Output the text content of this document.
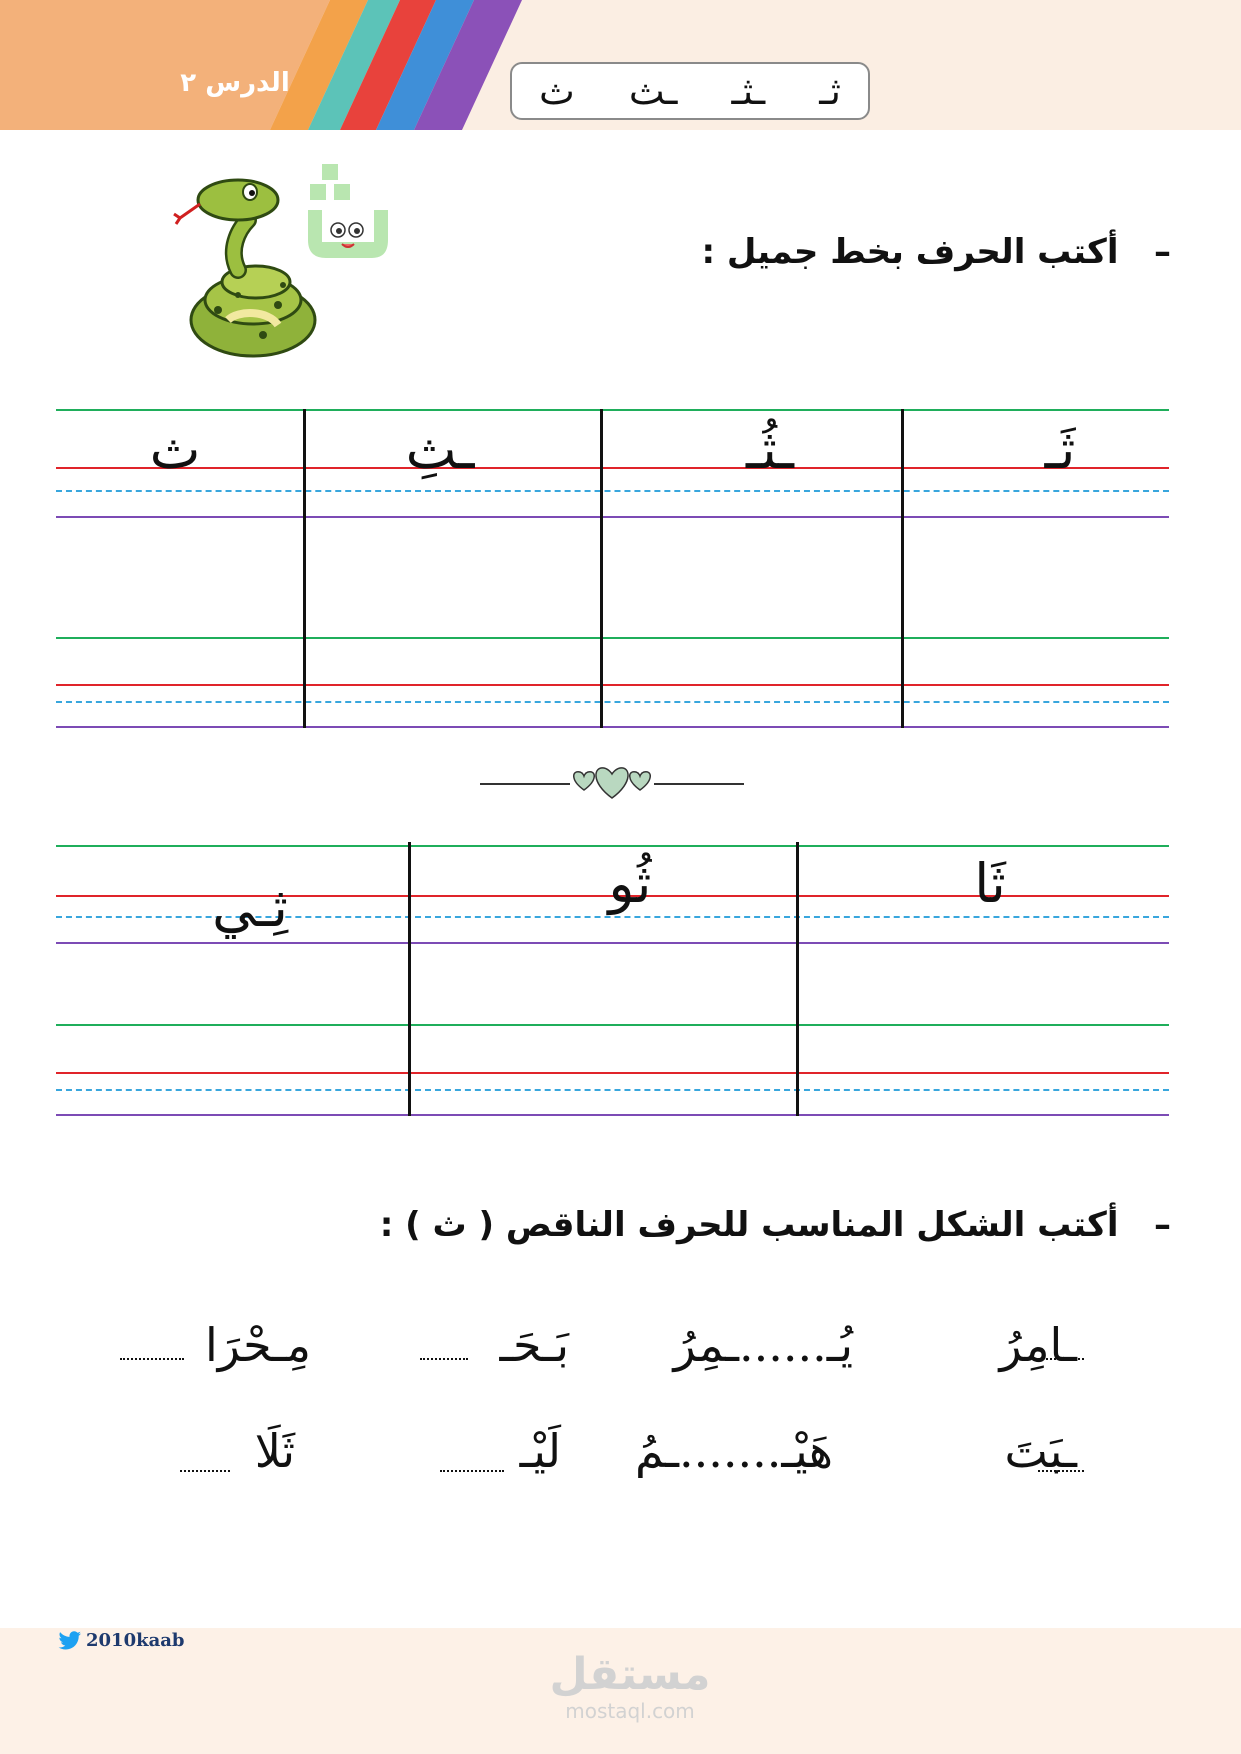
الدرس ٢	ثـ
ـثـ
ـث
ث
–   أكتب الحرف بخط جميل :
ثَـ
ـثُـ
ـثِ
ث
ثَا
ثُو
ثِـي
–   أكتب الشكل المناسب للحرف الناقص ( ث ) :
ـامِرُ
يُـ......ـمِرُ
بَـحَـ
مِـحْرَا
ـبَتَ
هَيْـ.......ـمُ
لَيْـ
ثَلَا
2010kaab
مستقل
mostaql.com
